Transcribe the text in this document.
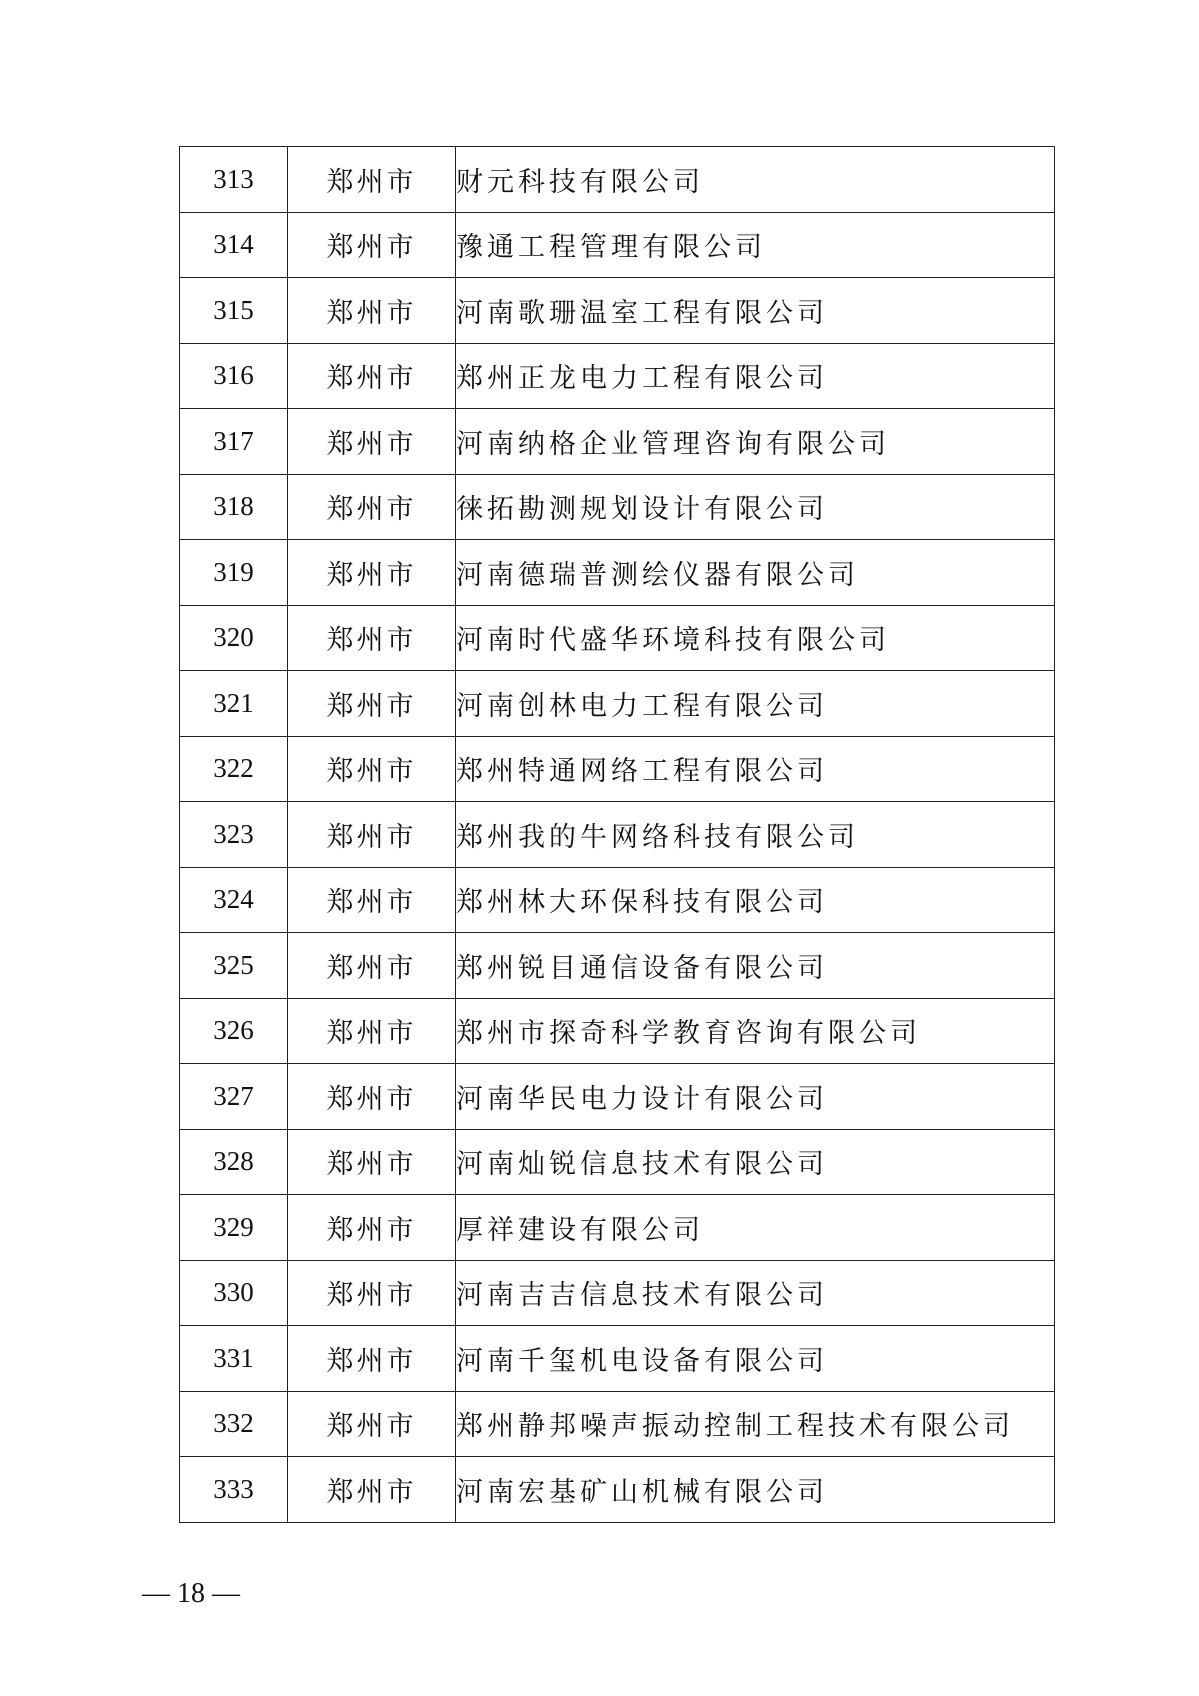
313	郑州市	财元科技有限公司
314	郑州市	豫通工程管理有限公司
315	郑州市	河南歌珊温室工程有限公司
316	郑州市	郑州正龙电力工程有限公司
317	郑州市	河南纳格企业管理咨询有限公司
318	郑州市	徕拓勘测规划设计有限公司
319	郑州市	河南德瑞普测绘仪器有限公司
320	郑州市	河南时代盛华环境科技有限公司
321	郑州市	河南创林电力工程有限公司
322	郑州市	郑州特通网络工程有限公司
323	郑州市	郑州我的牛网络科技有限公司
324	郑州市	郑州林大环保科技有限公司
325	郑州市	郑州锐目通信设备有限公司
326	郑州市	郑州市探奇科学教育咨询有限公司
327	郑州市	河南华民电力设计有限公司
328	郑州市	河南灿锐信息技术有限公司
329	郑州市	厚祥建设有限公司
330	郑州市	河南吉吉信息技术有限公司
331	郑州市	河南千玺机电设备有限公司
332	郑州市	郑州静邦噪声振动控制工程技术有限公司
333	郑州市	河南宏基矿山机械有限公司
— 18 —
